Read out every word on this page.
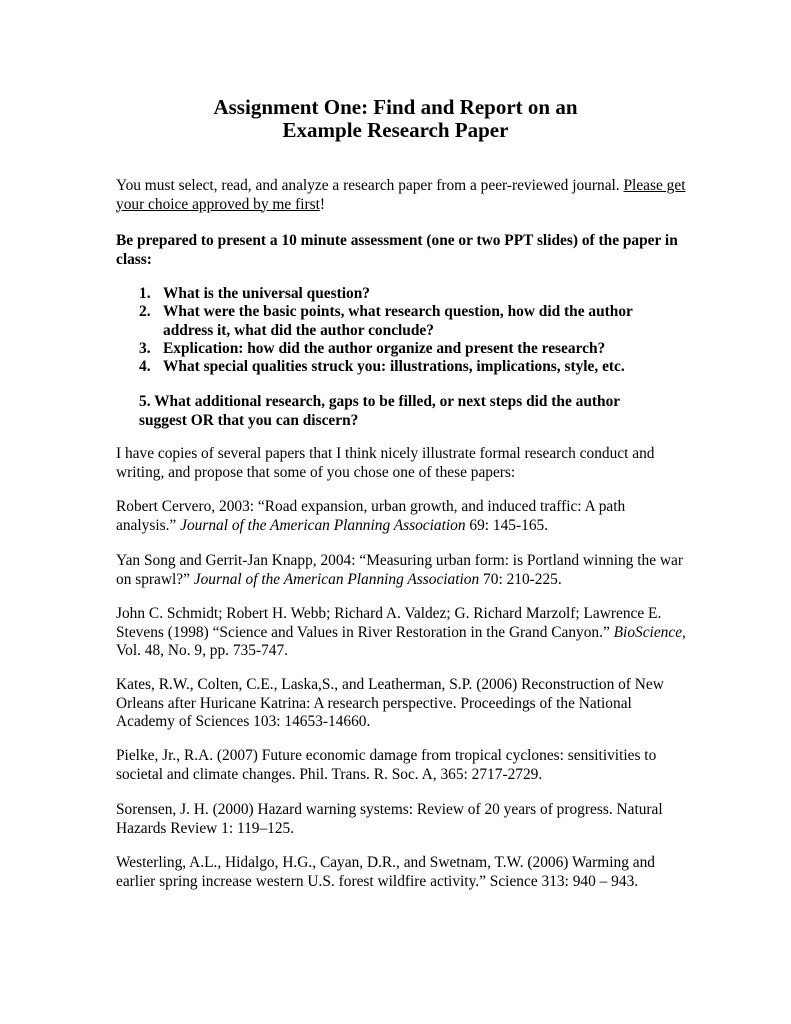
Assignment One: Find and Report on an
Example Research Paper
You must select, read, and analyze a research paper from a peer-reviewed journal. Please get your choice approved by me first!
Be prepared to present a 10 minute assessment (one or two PPT slides) of the paper in class:
1. What is the universal question?
2. What were the basic points, what research question, how did the author address it, what did the author conclude?
3. Explication: how did the author organize and present the research?
4. What special qualities struck you: illustrations, implications, style, etc.
5. What additional research, gaps to be filled, or next steps did the author suggest OR that you can discern?
I have copies of several papers that I think nicely illustrate formal research conduct and writing, and propose that some of you chose one of these papers:
Robert Cervero, 2003: “Road expansion, urban growth, and induced traffic: A path analysis.” Journal of the American Planning Association 69: 145-165.
Yan Song and Gerrit-Jan Knapp, 2004: “Measuring urban form: is Portland winning the war on sprawl?” Journal of the American Planning Association 70: 210-225.
John C. Schmidt; Robert H. Webb; Richard A. Valdez; G. Richard Marzolf; Lawrence E. Stevens (1998) “Science and Values in River Restoration in the Grand Canyon.” BioScience, Vol. 48, No. 9, pp. 735-747.
Kates, R.W., Colten, C.E., Laska,S., and Leatherman, S.P. (2006) Reconstruction of New Orleans after Huricane Katrina: A research perspective. Proceedings of the National Academy of Sciences 103: 14653-14660.
Pielke, Jr., R.A. (2007) Future economic damage from tropical cyclones: sensitivities to societal and climate changes. Phil. Trans. R. Soc. A, 365: 2717-2729.
Sorensen, J. H. (2000) Hazard warning systems: Review of 20 years of progress. Natural Hazards Review 1: 119–125.
Westerling, A.L., Hidalgo, H.G., Cayan, D.R., and Swetnam, T.W. (2006) Warming and earlier spring increase western U.S. forest wildfire activity.” Science 313: 940 – 943.
